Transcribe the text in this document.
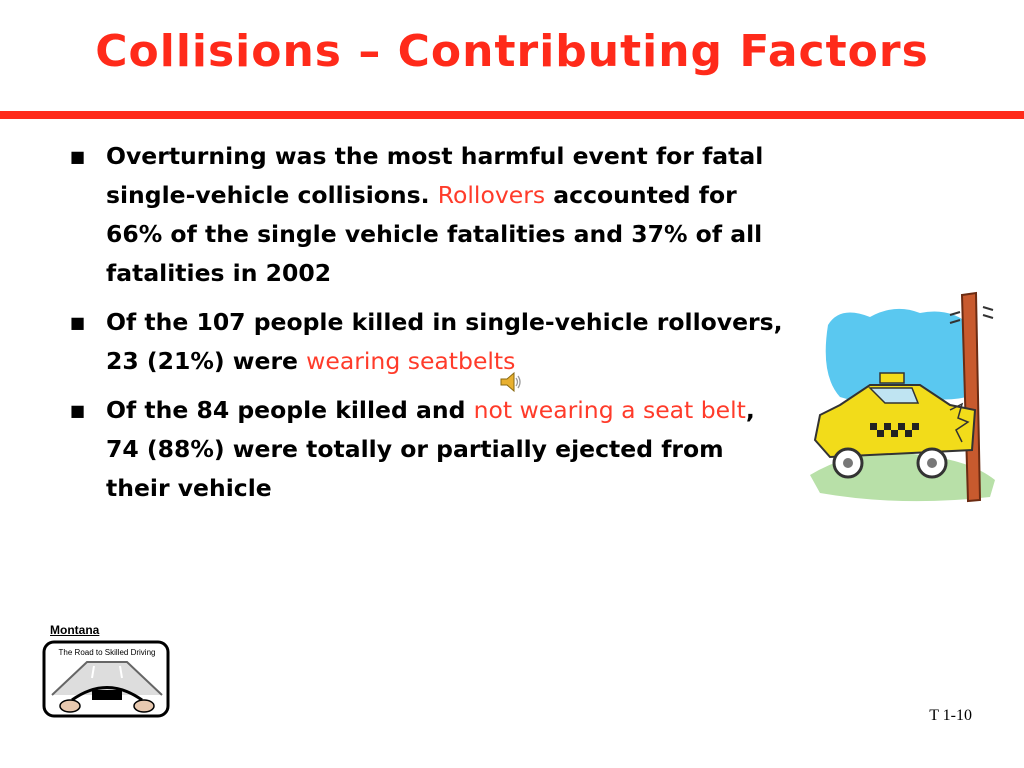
Collisions – Contributing Factors
■ Overturning was the most harmful event for fatal single-vehicle collisions. Rollovers accounted for 66% of the single vehicle fatalities and 37% of all fatalities in 2002
■ Of the 107 people killed in single-vehicle rollovers, 23 (21%) were wearing seatbelts
■ Of the 84 people killed and not wearing a seat belt, 74 (88%) were totally or partially ejected from their vehicle
Montana
The Road to Skilled Driving
T 1-10
